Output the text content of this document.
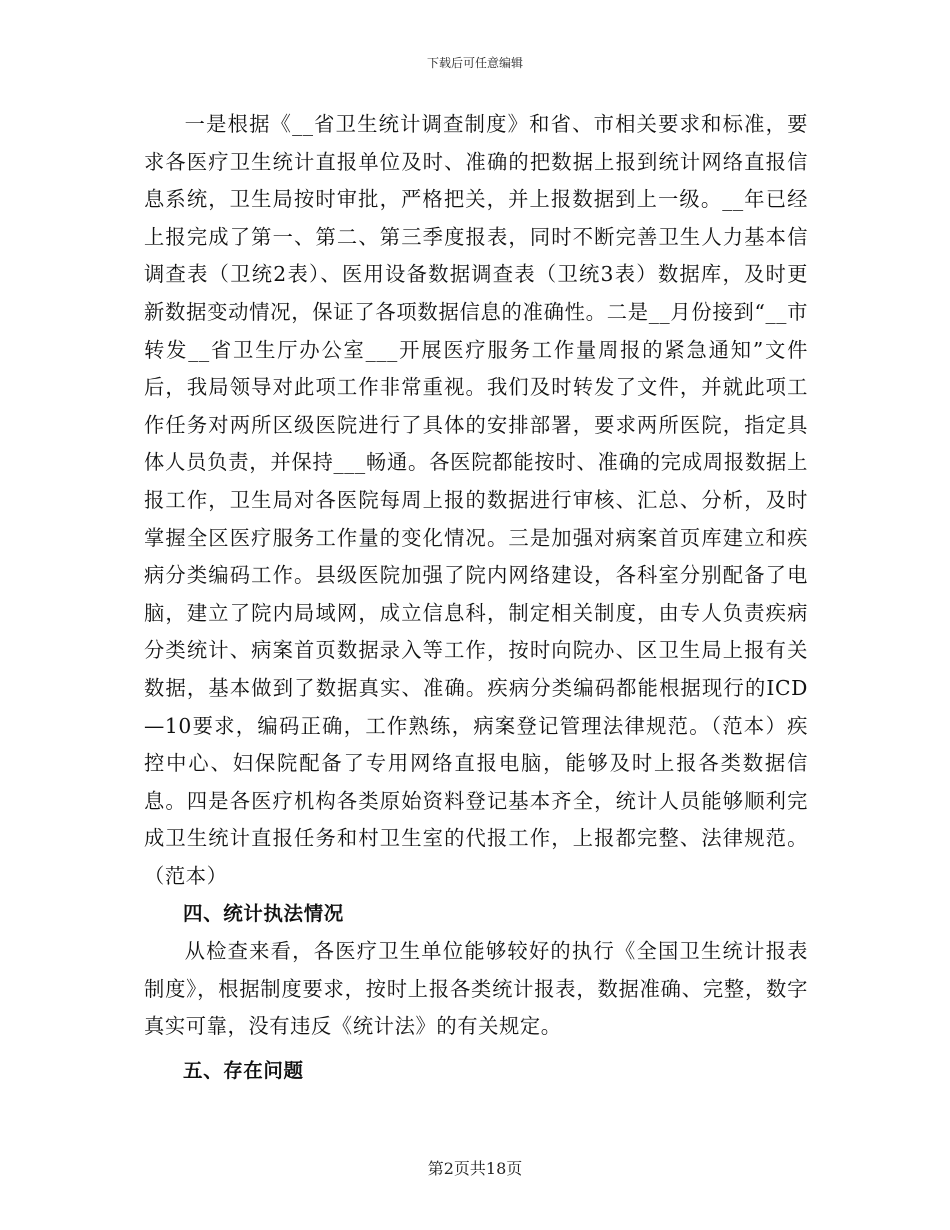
下载后可任意编辑

一是根据《__省卫生统计调查制度》和省、市相关要求和标准，要求各医疗卫生统计直报单位及时、准确的把数据上报到统计网络直报信息系统，卫生局按时审批，严格把关，并上报数据到上一级。__年已经上报完成了第一、第二、第三季度报表，同时不断完善卫生人力基本信调查表（卫统2表）、医用设备数据调查表（卫统3表）数据库，及时更新数据变动情况，保证了各项数据信息的准确性。二是__月份接到“__市转发__省卫生厅办公室___开展医疗服务工作量周报的紧急通知”文件后，我局领导对此项工作非常重视。我们及时转发了文件，并就此项工作任务对两所区级医院进行了具体的安排部署，要求两所医院，指定具体人员负责，并保持___畅通。各医院都能按时、准确的完成周报数据上报工作，卫生局对各医院每周上报的数据进行审核、汇总、分析，及时掌握全区医疗服务工作量的变化情况。三是加强对病案首页库建立和疾病分类编码工作。县级医院加强了院内网络建设，各科室分别配备了电脑，建立了院内局域网，成立信息科，制定相关制度，由专人负责疾病分类统计、病案首页数据录入等工作，按时向院办、区卫生局上报有关数据，基本做到了数据真实、准确。疾病分类编码都能根据现行的ICD—10要求，编码正确，工作熟练，病案登记管理法律规范。（范本）疾控中心、妇保院配备了专用网络直报电脑，能够及时上报各类数据信息。四是各医疗机构各类原始资料登记基本齐全，统计人员能够顺利完成卫生统计直报任务和村卫生室的代报工作，上报都完整、法律规范。（范本）

四、统计执法情况

从检查来看，各医疗卫生单位能够较好的执行《全国卫生统计报表制度》，根据制度要求，按时上报各类统计报表，数据准确、完整，数字真实可靠，没有违反《统计法》的有关规定。

五、存在问题

第2页共18页
